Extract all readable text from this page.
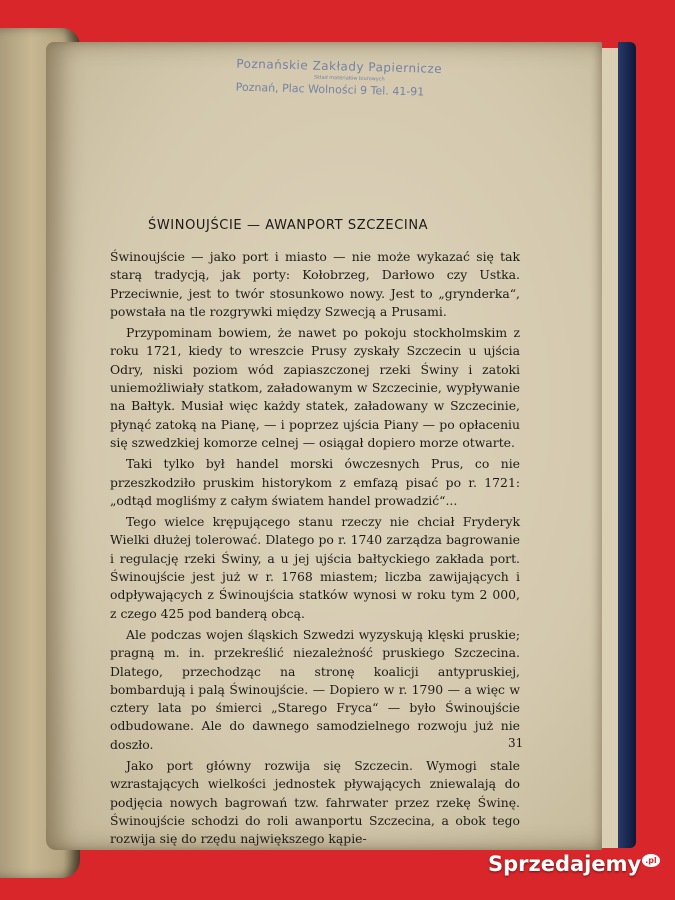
Poznańskie Zakłady Papiernicze
Skład materiałów biurowych
Poznań, Plac Wolności 9 Tel. 41-91
ŚWINOUJŚCIE — AWANPORT SZCZECINA

Świnoujście — jako port i miasto — nie może wykazać się tak starą tradycją, jak porty: Kołobrzeg, Darłowo czy Ustka. Przeciwnie, jest to twór stosunkowo nowy. Jest to „grynderka“, powstała na tle rozgrywki między Szwecją a Prusami.

Przypominam bowiem, że nawet po pokoju stockholmskim z roku 1721, kiedy to wreszcie Prusy zyskały Szczecin u ujścia Odry, niski poziom wód zapiaszczonej rzeki Świny i zatoki uniemożliwiały statkom, załadowanym w Szczecinie, wypływanie na Bałtyk. Musiał więc każdy statek, załadowany w Szczecinie, płynąć zatoką na Pianę, — i poprzez ujścia Piany — po opłaceniu się szwedzkiej komorze celnej — osiągał dopiero morze otwarte.

Taki tylko był handel morski ówczesnych Prus, co nie przeszkodziło pruskim historykom z emfazą pisać po r. 1721: „odtąd mogliśmy z całym światem handel prowadzić“...

Tego wielce krępującego stanu rzeczy nie chciał Fryderyk Wielki dłużej tolerować. Dlatego po r. 1740 zarządza bagrowanie i regulację rzeki Świny, a u jej ujścia bałtyckiego zakłada port. Świnoujście jest już w r. 1768 miastem; liczba zawijających i odpływających z Świnoujścia statków wynosi w roku tym 2 000, z czego 425 pod banderą obcą.

Ale podczas wojen śląskich Szwedzi wyzyskują klęski pruskie; pragną m. in. przekreślić niezależność pruskiego Szczecina. Dlatego, przechodząc na stronę koalicji antypruskiej, bombardują i palą Świnoujście. — Dopiero w r. 1790 — a więc w cztery lata po śmierci „Starego Fryca“ — było Świnoujście odbudowane. Ale do dawnego samodzielnego rozwoju już nie doszło.

Jako port główny rozwija się Szczecin. Wymogi stale wzrastających wielkości jednostek pływających zniewalają do podjęcia nowych bagrowań tzw. fahrwater przez rzekę Świnę. Świnoujście schodzi do roli awanportu Szczecina, a obok tego rozwija się do rzędu największego kąpie-

31
Sprzedajemy .pl
